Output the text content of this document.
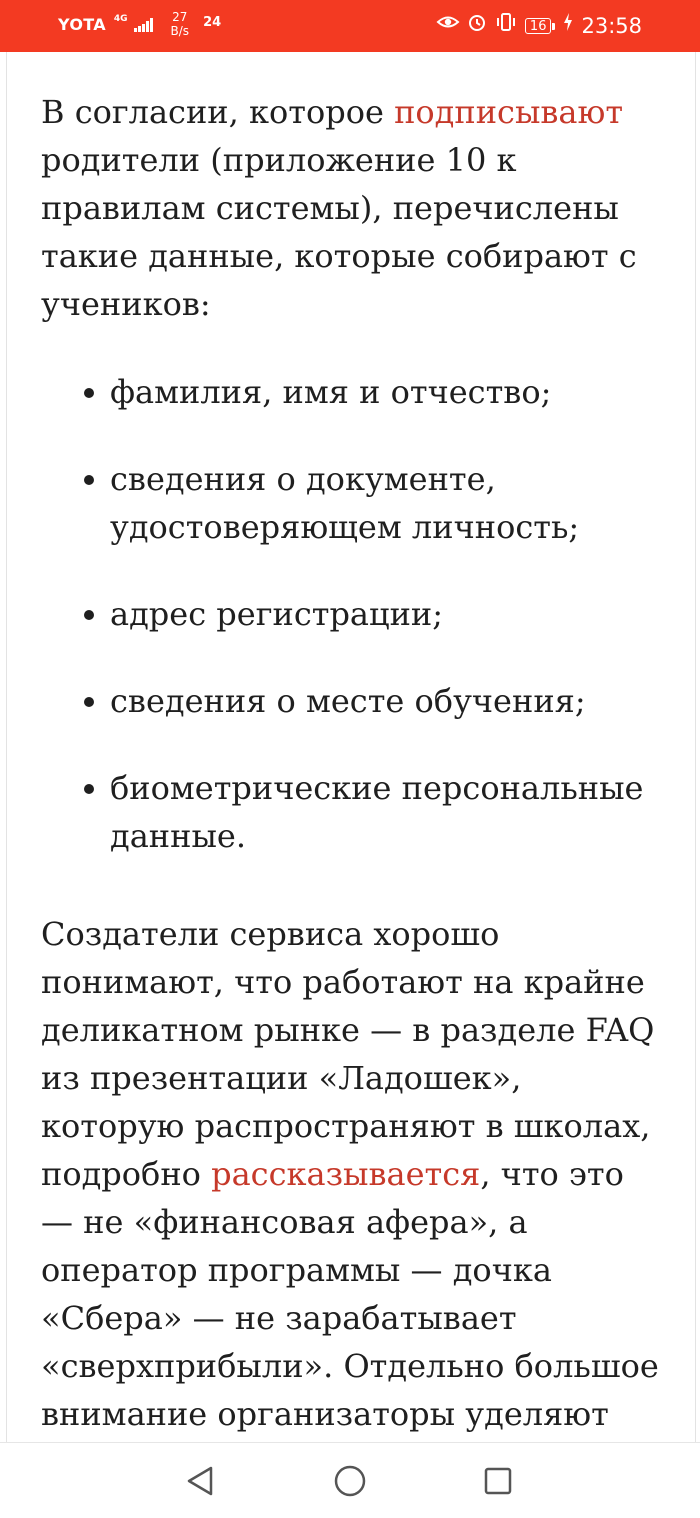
YOTA 4G	27
B/s
24	16 23:58

В согласии, которое подписывают родители (приложение 10 к правилам системы), перечислены такие данные, которые собирают с учеников:

фамилия, имя и отчество;
сведения о документе, удостоверяющем личность;
адрес регистрации;
сведения о месте обучения;
биометрические персональные данные.

Создатели сервиса хорошо понимают, что работают на крайне деликатном рынке — в разделе FAQ из презентации «Ладошек», которую распространяют в школах, подробно рассказывается, что это — не «финансовая афера», а оператор программы — дочка «Сбера» — не зарабатывает «сверхприбыли». Отдельно большое внимание организаторы уделяют
